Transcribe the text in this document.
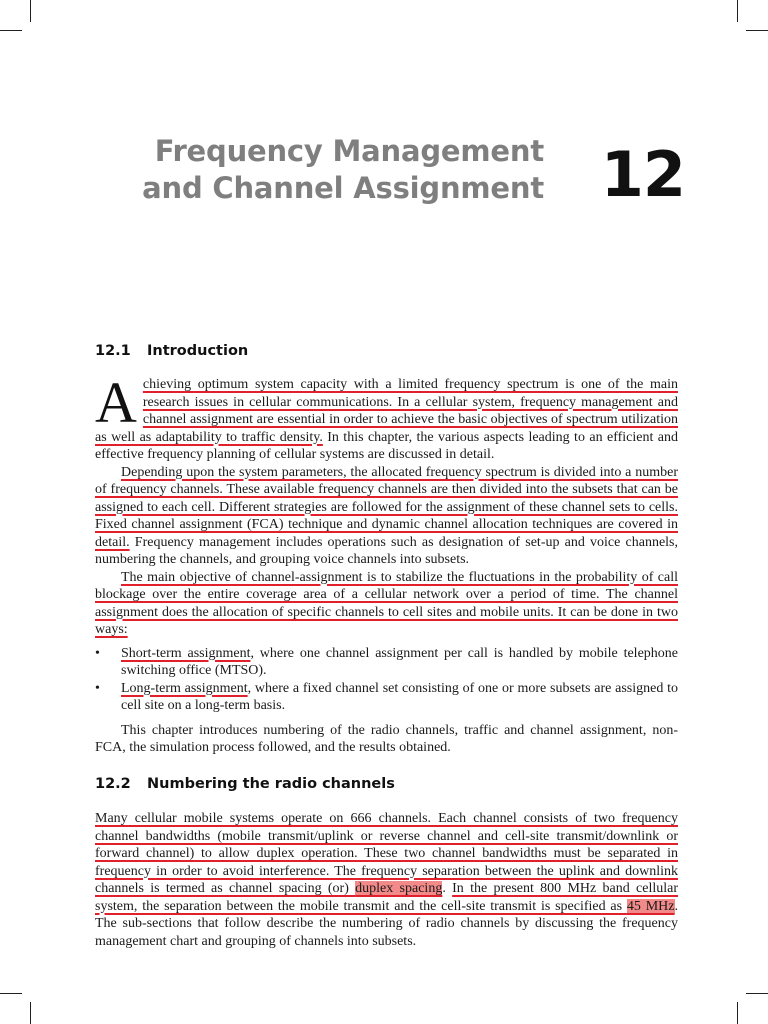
Frequency Management
and Channel Assignment 12
12.1 Introduction

Achieving optimum system capacity with a limited frequency spectrum is one of the main research issues in cellular communications. In a cellular system, frequency management and channel assignment are essential in order to achieve the basic objectives of spectrum utilization as well as adaptability to traffic density. In this chapter, the various aspects leading to an efficient and effective frequency planning of cellular systems are discussed in detail.

Depending upon the system parameters, the allocated frequency spectrum is divided into a number of frequency channels. These available frequency channels are then divided into the subsets that can be assigned to each cell. Different strategies are followed for the assignment of these channel sets to cells. Fixed channel assignment (FCA) technique and dynamic channel allocation techniques are covered in detail. Frequency management includes operations such as designation of set-up and voice channels, numbering the channels, and grouping voice channels into subsets.

The main objective of channel-assignment is to stabilize the fluctuations in the probability of call blockage over the entire coverage area of a cellular network over a period of time. The channel assignment does the allocation of specific channels to cell sites and mobile units. It can be done in two ways:

• Short-term assignment, where one channel assignment per call is handled by mobile telephone switching office (MTSO).
• Long-term assignment, where a fixed channel set consisting of one or more subsets are assigned to cell site on a long-term basis.

This chapter introduces numbering of the radio channels, traffic and channel assignment, non-FCA, the simulation process followed, and the results obtained.

12.2 Numbering the radio channels

Many cellular mobile systems operate on 666 channels. Each channel consists of two frequency channel bandwidths (mobile transmit/uplink or reverse channel and cell-site transmit/downlink or forward channel) to allow duplex operation. These two channel bandwidths must be separated in frequency in order to avoid interference. The frequency separation between the uplink and downlink channels is termed as channel spacing (or) duplex spacing. In the present 800 MHz band cellular system, the separation between the mobile transmit and the cell-site transmit is specified as 45 MHz. The sub-sections that follow describe the numbering of radio channels by discussing the frequency management chart and grouping of channels into subsets.
